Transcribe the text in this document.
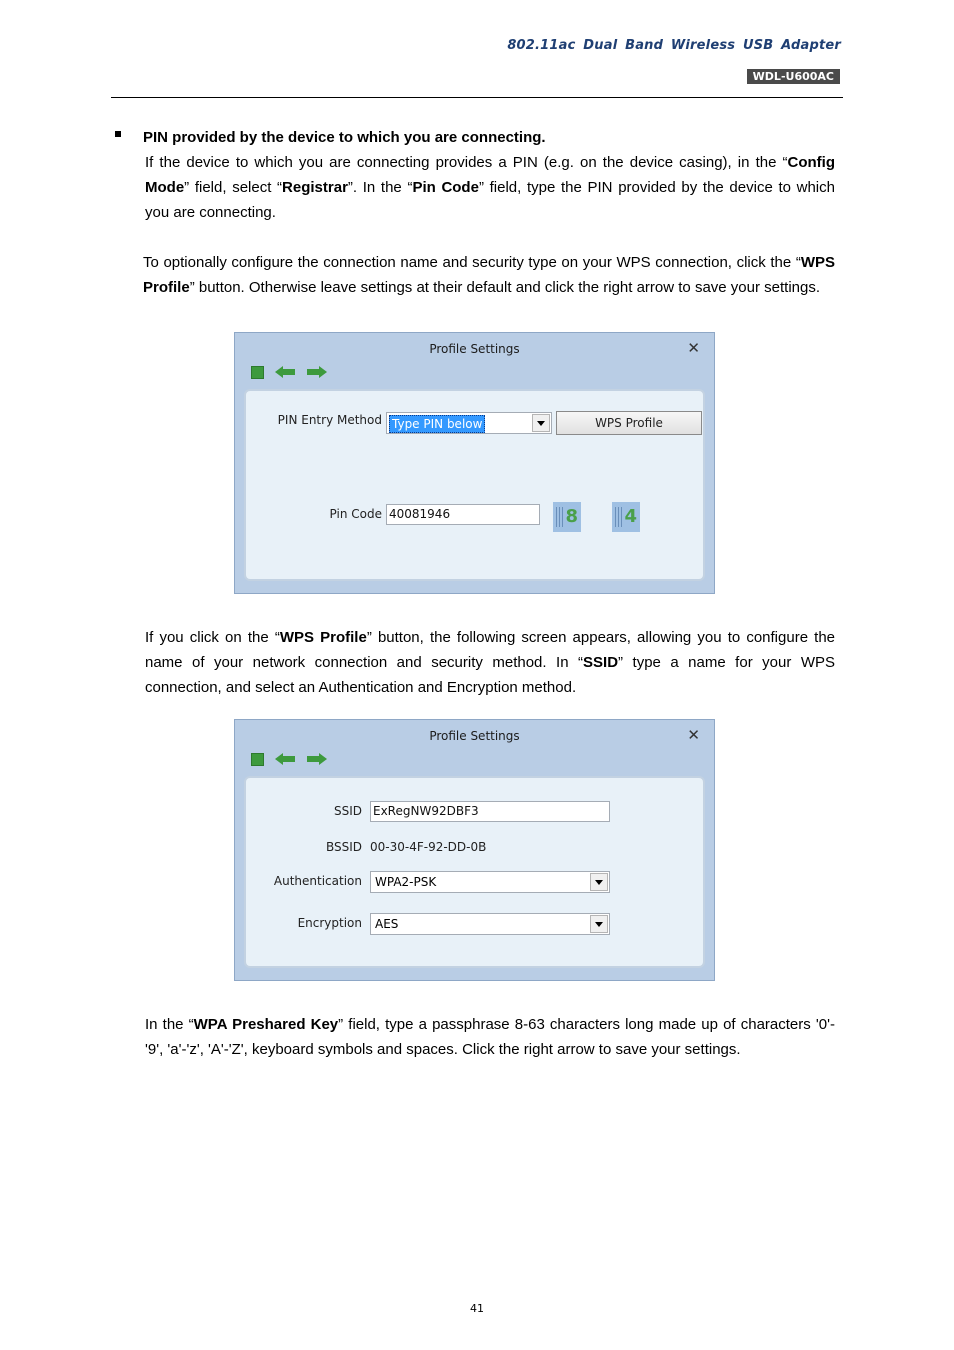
802.11ac Dual Band Wireless USB Adapter
WDL-U600AC
PIN provided by the device to which you are connecting.
If the device to which you are connecting provides a PIN (e.g. on the device casing), in the “Config Mode” field, select “Registrar”. In the “Pin Code” field, type the PIN provided by the device to which you are connecting.
To optionally configure the connection name and security type on your WPS connection, click the “WPS Profile” button. Otherwise leave settings at their default and click the right arrow to save your settings.
Profile Settings	✕
PIN Entry Method Type PIN below	WPS Profile
Pin Code 40081946	8	4
If you click on the “WPS Profile” button, the following screen appears, allowing you to configure the name of your network connection and security method. In “SSID” type a name for your WPS connection, and select an Authentication and Encryption method.
Profile Settings	✕
SSID ExRegNW92DBF3
BSSID 00-30-4F-92-DD-0B
Authentication WPA2-PSK
Encryption AES
In the “WPA Preshared Key” field, type a passphrase 8-63 characters long made up of characters '0'-'9', 'a'-'z', 'A'-'Z', keyboard symbols and spaces. Click the right arrow to save your settings.
41
